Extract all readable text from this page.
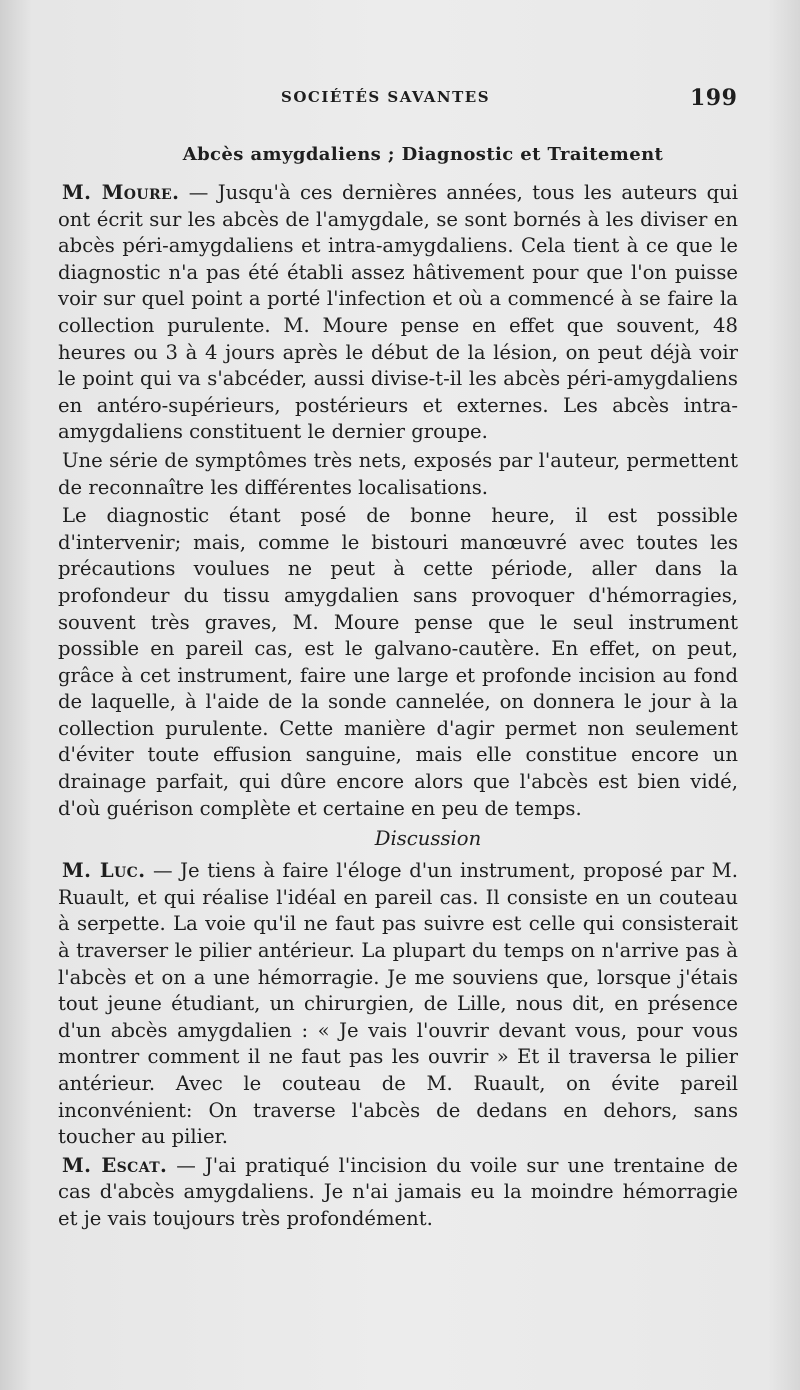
SOCIÉTÉS SAVANTES	199
Abcès amygdaliens ; Diagnostic et Traitement

M. Moure. — Jusqu'à ces dernières années, tous les auteurs qui ont écrit sur les abcès de l'amygdale, se sont bornés à les diviser en abcès péri-amygdaliens et intra-amygdaliens. Cela tient à ce que le diagnostic n'a pas été établi assez hâtivement pour que l'on puisse voir sur quel point a porté l'infection et où a commencé à se faire la collection purulente. M. Moure pense en effet que souvent, 48 heures ou 3 à 4 jours après le début de la lésion, on peut déjà voir le point qui va s'abcéder, aussi divise-t-il les abcès péri-amygdaliens en antéro-supérieurs, postérieurs et externes. Les abcès intra-amygdaliens constituent le dernier groupe.

Une série de symptômes très nets, exposés par l'auteur, permettent de reconnaître les différentes localisations.

Le diagnostic étant posé de bonne heure, il est possible d'intervenir; mais, comme le bistouri manœuvré avec toutes les précautions voulues ne peut à cette période, aller dans la profondeur du tissu amygdalien sans provoquer d'hémorragies, souvent très graves, M. Moure pense que le seul instrument possible en pareil cas, est le galvano-cautère. En effet, on peut, grâce à cet instrument, faire une large et profonde incision au fond de laquelle, à l'aide de la sonde cannelée, on donnera le jour à la collection purulente. Cette manière d'agir permet non seulement d'éviter toute effusion sanguine, mais elle constitue encore un drainage parfait, qui dûre encore alors que l'abcès est bien vidé, d'où guérison complète et certaine en peu de temps.

Discussion

M. Luc. — Je tiens à faire l'éloge d'un instrument, proposé par M. Ruault, et qui réalise l'idéal en pareil cas. Il consiste en un couteau à serpette. La voie qu'il ne faut pas suivre est celle qui consisterait à traverser le pilier antérieur. La plupart du temps on n'arrive pas à l'abcès et on a une hémorragie. Je me souviens que, lorsque j'étais tout jeune étudiant, un chirurgien, de Lille, nous dit, en présence d'un abcès amygdalien : « Je vais l'ouvrir devant vous, pour vous montrer comment il ne faut pas les ouvrir » Et il traversa le pilier antérieur. Avec le couteau de M. Ruault, on évite pareil inconvénient: On traverse l'abcès de dedans en dehors, sans toucher au pilier.

M. Escat. — J'ai pratiqué l'incision du voile sur une trentaine de cas d'abcès amygdaliens. Je n'ai jamais eu la moindre hémorragie et je vais toujours très profondément.
